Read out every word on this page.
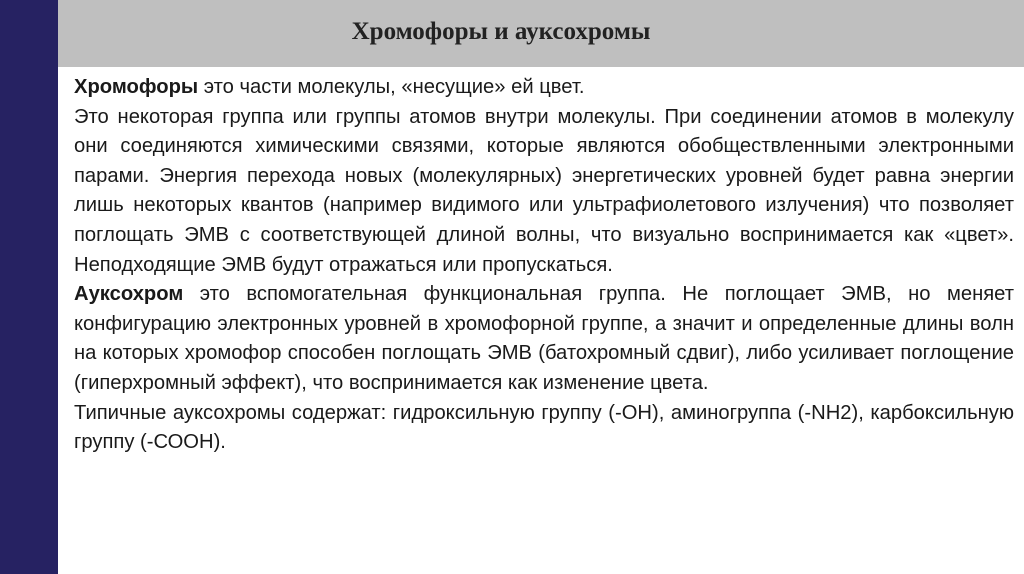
Хромофоры и ауксохромы

Хромофоры это части молекулы, «несущие» ей цвет.

Это некоторая группа или группы атомов внутри молекулы. При соединении атомов в молекулу они соединяются химическими связями, которые являются обобществленными электронными парами. Энергия перехода новых (молекулярных) энергетических уровней будет равна энергии лишь некоторых квантов (например видимого или ультрафиолетового излучения) что позволяет поглощать ЭМВ с соответствующей длиной волны, что визуально воспринимается как «цвет». Неподходящие ЭМВ будут отражаться или пропускаться.

Ауксохром это вспомогательная функциональная группа. Не поглощает ЭМВ, но меняет конфигурацию электронных уровней в хромофорной группе, а значит и определенные длины волн на которых хромофор способен поглощать ЭМВ (батохромный сдвиг), либо усиливает поглощение (гиперхромный эффект), что воспринимается как изменение цвета.

Типичные ауксохромы содержат: гидроксильную группу (-ОН), аминогруппа (-NH2), карбоксильную группу (-СООН).
